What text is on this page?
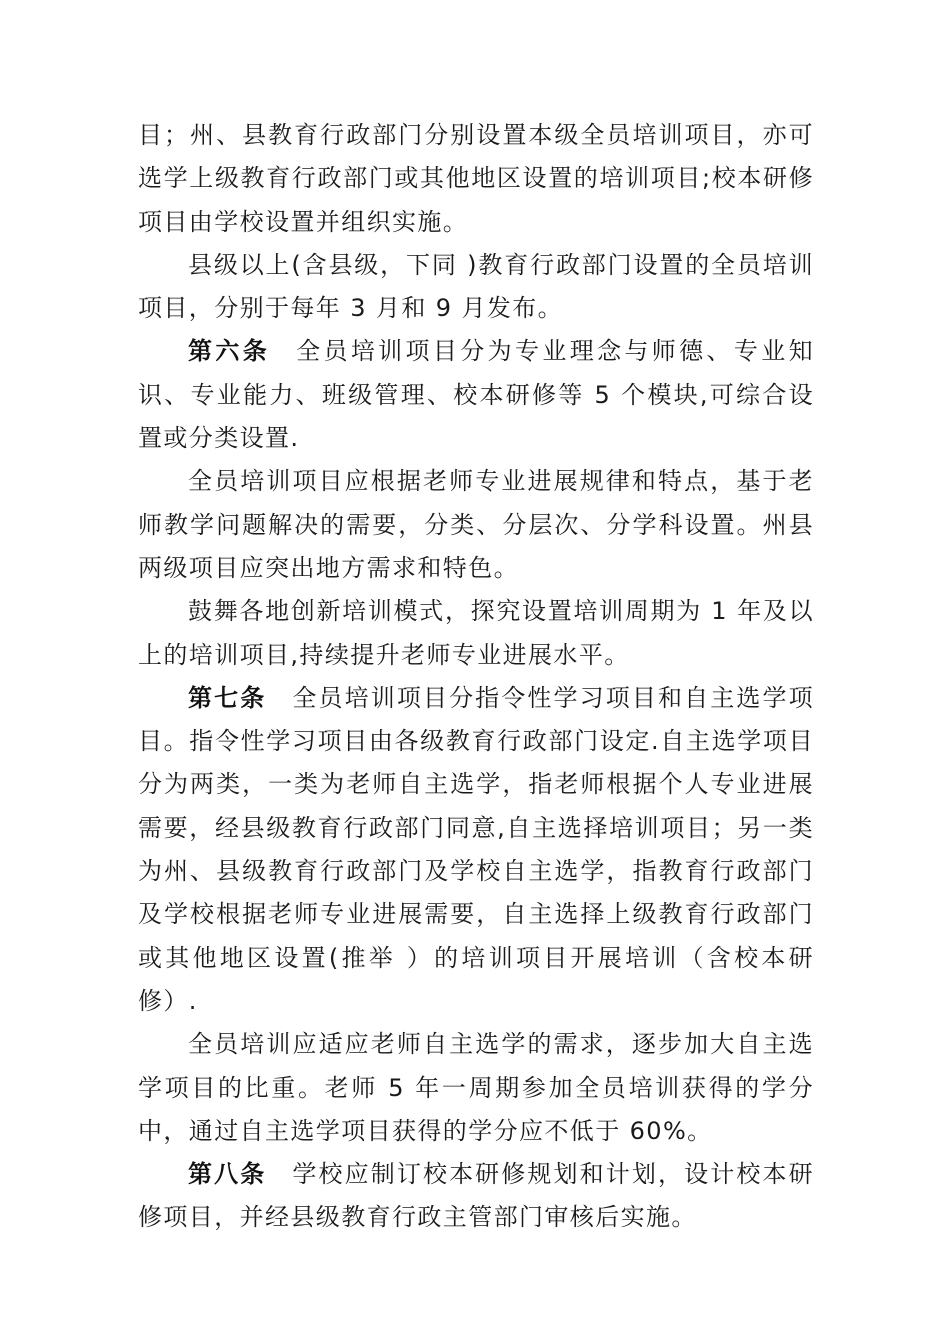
目；州、县教育行政部门分别设置本级全员培训项目，亦可选学上级教育行政部门或其他地区设置的培训项目;校本研修项目由学校设置并组织实施。

县级以上(含县级，下同 )教育行政部门设置的全员培训项目，分别于每年 3 月和 9 月发布。

第六条 全员培训项目分为专业理念与师德、专业知识、专业能力、班级管理、校本研修等 5 个模块,可综合设置或分类设置.

全员培训项目应根据老师专业进展规律和特点，基于老师教学问题解决的需要，分类、分层次、分学科设置。州县两级项目应突出地方需求和特色。

鼓舞各地创新培训模式，探究设置培训周期为 1 年及以上的培训项目,持续提升老师专业进展水平。

第七条 全员培训项目分指令性学习项目和自主选学项目。指令性学习项目由各级教育行政部门设定.自主选学项目分为两类，一类为老师自主选学，指老师根据个人专业进展需要，经县级教育行政部门同意,自主选择培训项目；另一类为州、县级教育行政部门及学校自主选学，指教育行政部门及学校根据老师专业进展需要，自主选择上级教育行政部门或其他地区设置(推举 ）的培训项目开展培训（含校本研修）.

全员培训应适应老师自主选学的需求，逐步加大自主选学项目的比重。老师 5 年一周期参加全员培训获得的学分中，通过自主选学项目获得的学分应不低于 60%。

第八条 学校应制订校本研修规划和计划，设计校本研修项目，并经县级教育行政主管部门审核后实施。
